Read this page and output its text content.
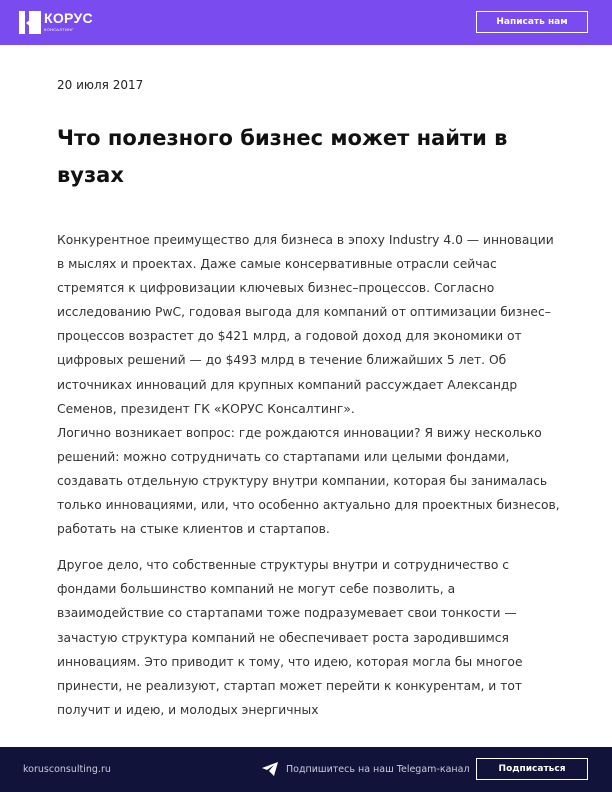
КОРУС
КОНСАЛТИНГ
Написать нам
20 июля 2017
Что полезного бизнес может найти в вузах

Конкурентное преимущество для бизнеса в эпоху Industry 4.0 — инновации в мыслях и проектах. Даже самые консервативные отрасли сейчас стремятся к цифровизации ключевых бизнес–процессов. Согласно исследованию PwC, годовая выгода для компаний от оптимизации бизнес–процессов возрастет до $421 млрд, а годовой доход для экономики от цифровых решений — до $493 млрд в течение ближайших 5 лет. Об источниках инноваций для крупных компаний рассуждает Александр Семенов, президент ГК «КОРУС Консалтинг».

Логично возникает вопрос: где рождаются инновации? Я вижу несколько решений: можно сотрудничать со стартапами или целыми фондами, создавать отдельную структуру внутри компании, которая бы занималась только инновациями, или, что особенно актуально для проектных бизнесов, работать на стыке клиентов и стартапов.

Другое дело, что собственные структуры внутри и сотрудничество с фондами большинство компаний не могут себе позволить, а взаимодействие со стартапами тоже подразумевает свои тонкости — зачастую структура компаний не обеспечивает роста зародившимся инновациям. Это приводит к тому, что идею, которая могла бы многое принести, не реализуют, стартап может перейти к конкурентам, и тот получит и идею, и молодых энергичных

korusconsulting.ru	Подпишитесь на наш Telegam-канал	Подписаться
